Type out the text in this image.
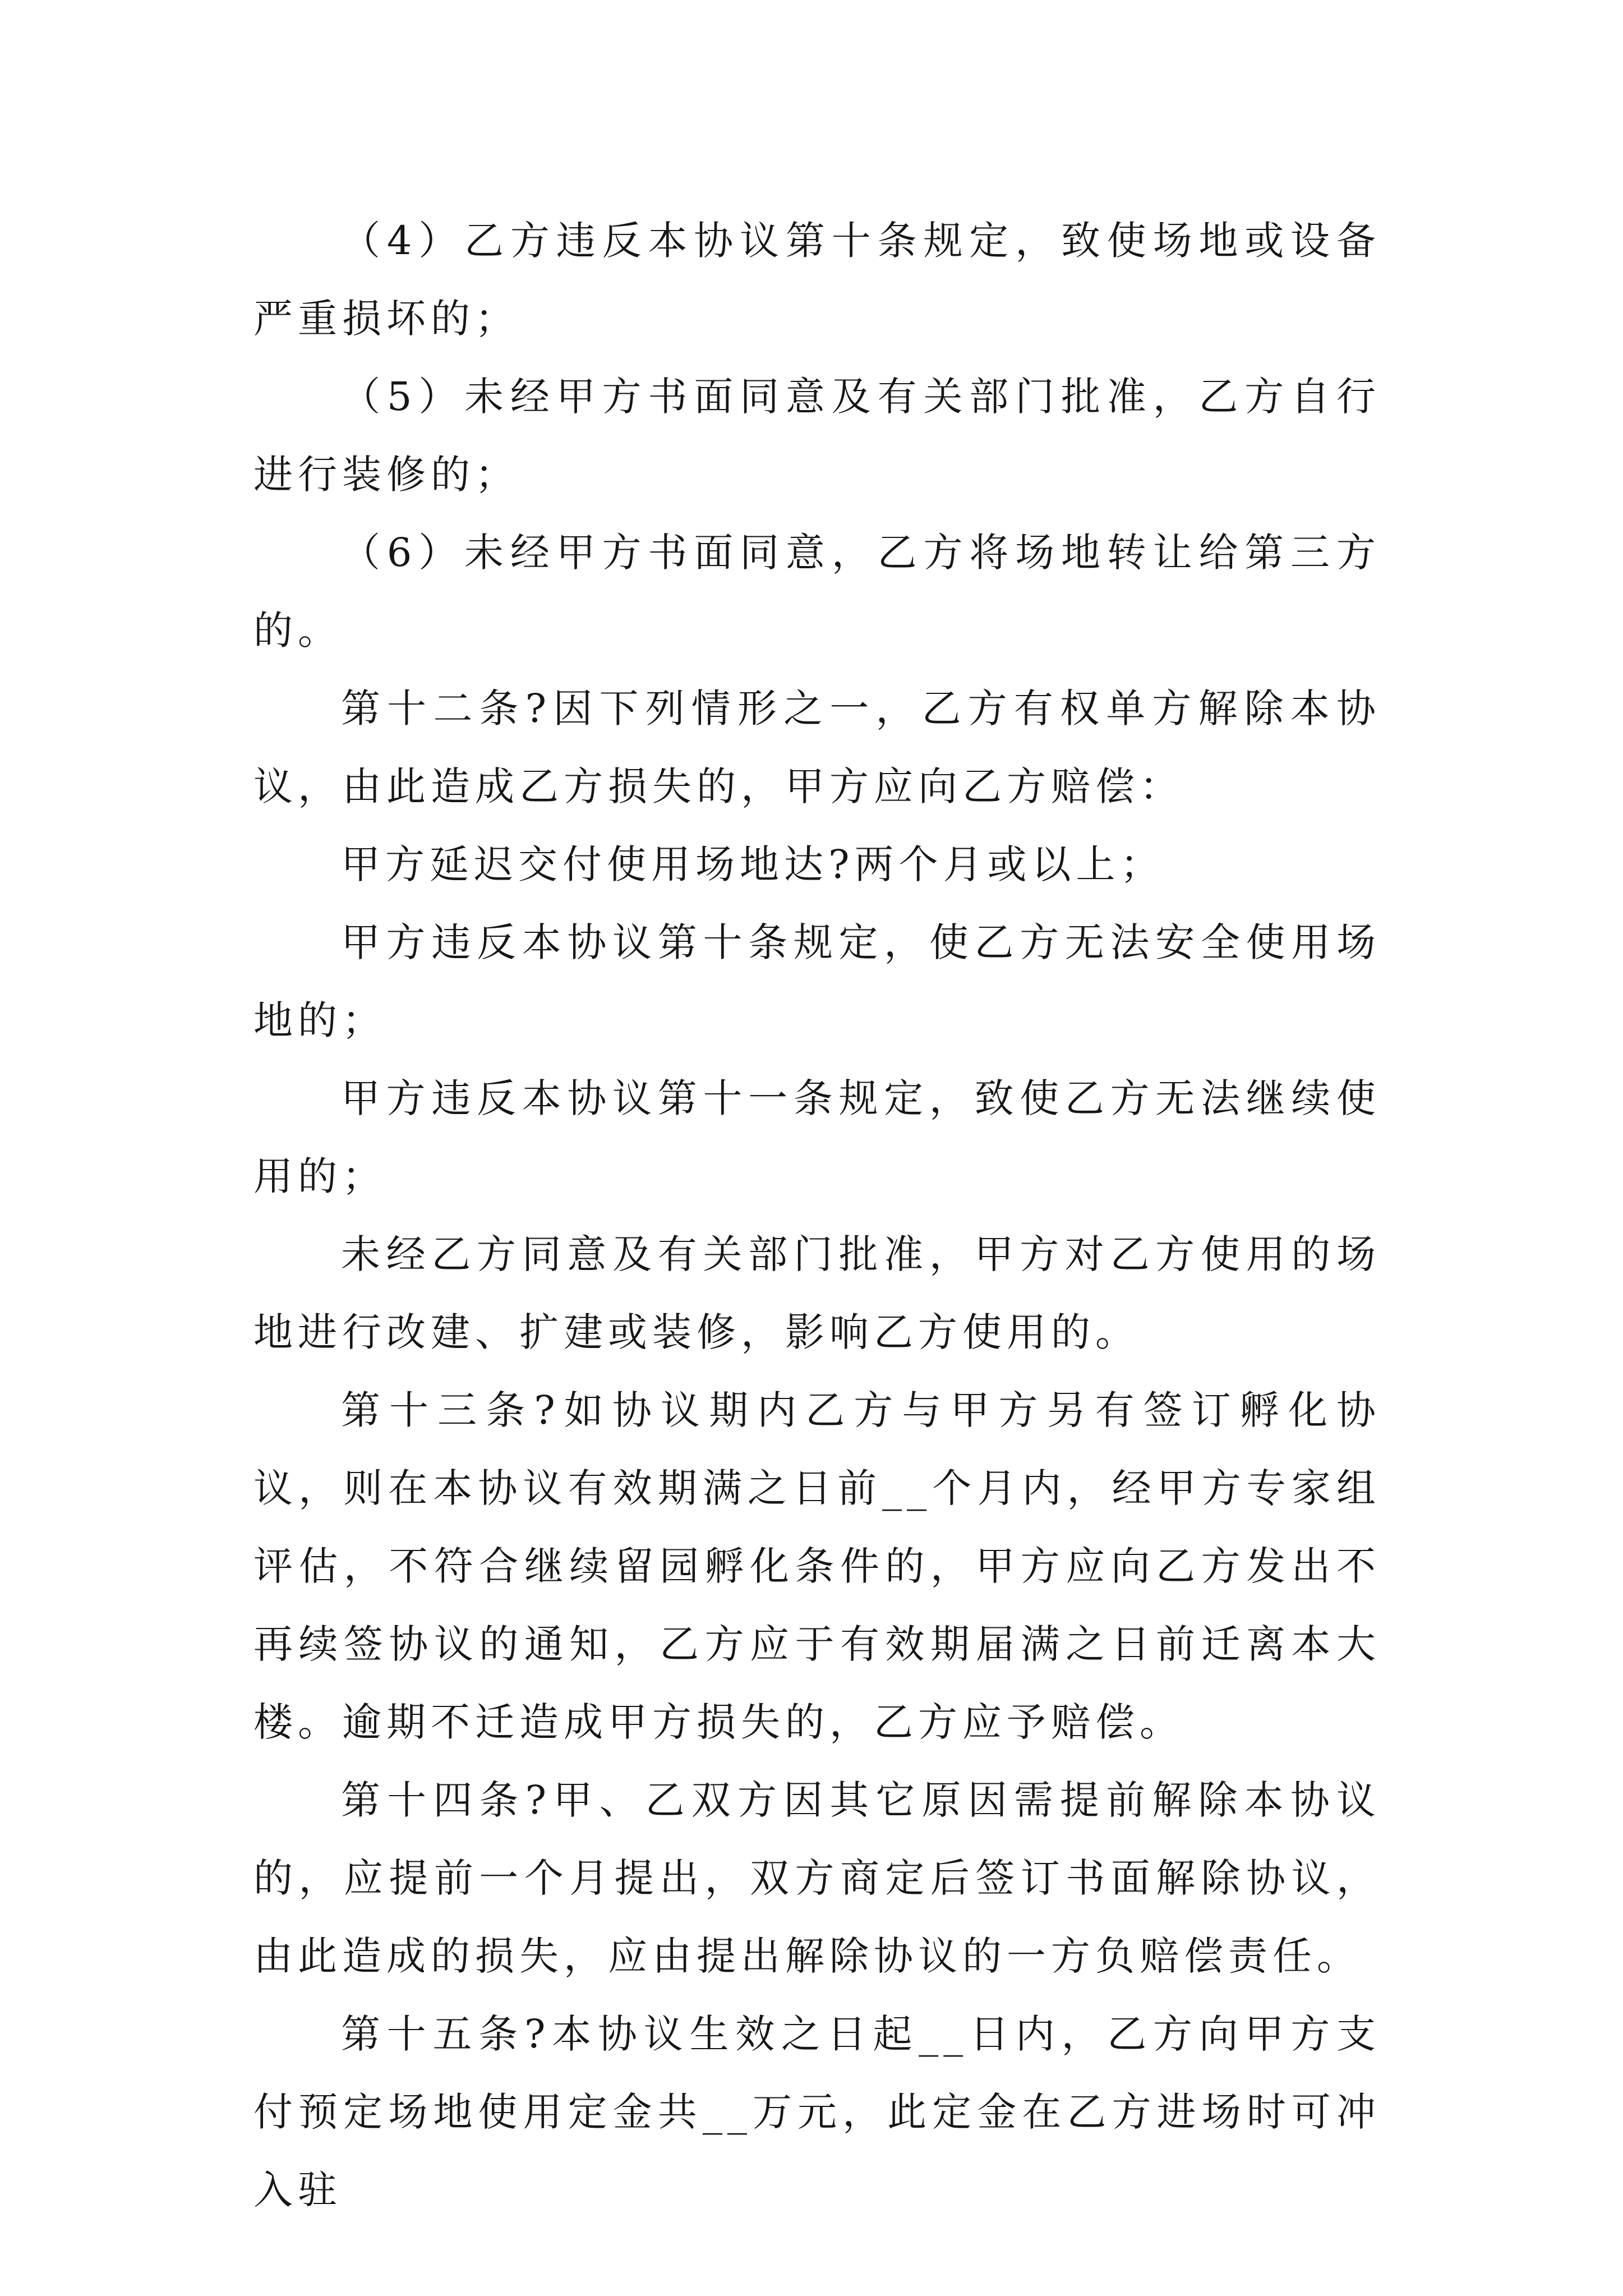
（4）乙方违反本协议第十条规定，致使场地或设备严重损坏的；

（5）未经甲方书面同意及有关部门批准，乙方自行进行装修的；

（6）未经甲方书面同意，乙方将场地转让给第三方的。

第十二条?因下列情形之一，乙方有权单方解除本协议，由此造成乙方损失的，甲方应向乙方赔偿：

甲方延迟交付使用场地达?两个月或以上；

甲方违反本协议第十条规定，使乙方无法安全使用场地的；

甲方违反本协议第十一条规定，致使乙方无法继续使用的；

未经乙方同意及有关部门批准，甲方对乙方使用的场地进行改建、扩建或装修，影响乙方使用的。

第十三条?如协议期内乙方与甲方另有签订孵化协议，则在本协议有效期满之日前__个月内，经甲方专家组评估，不符合继续留园孵化条件的，甲方应向乙方发出不再续签协议的通知，乙方应于有效期届满之日前迁离本大楼。逾期不迁造成甲方损失的，乙方应予赔偿。

第十四条?甲、乙双方因其它原因需提前解除本协议的，应提前一个月提出，双方商定后签订书面解除协议，由此造成的损失，应由提出解除协议的一方负赔偿责任。

第十五条?本协议生效之日起__日内，乙方向甲方支付预定场地使用定金共__万元，此定金在乙方进场时可冲入驻
